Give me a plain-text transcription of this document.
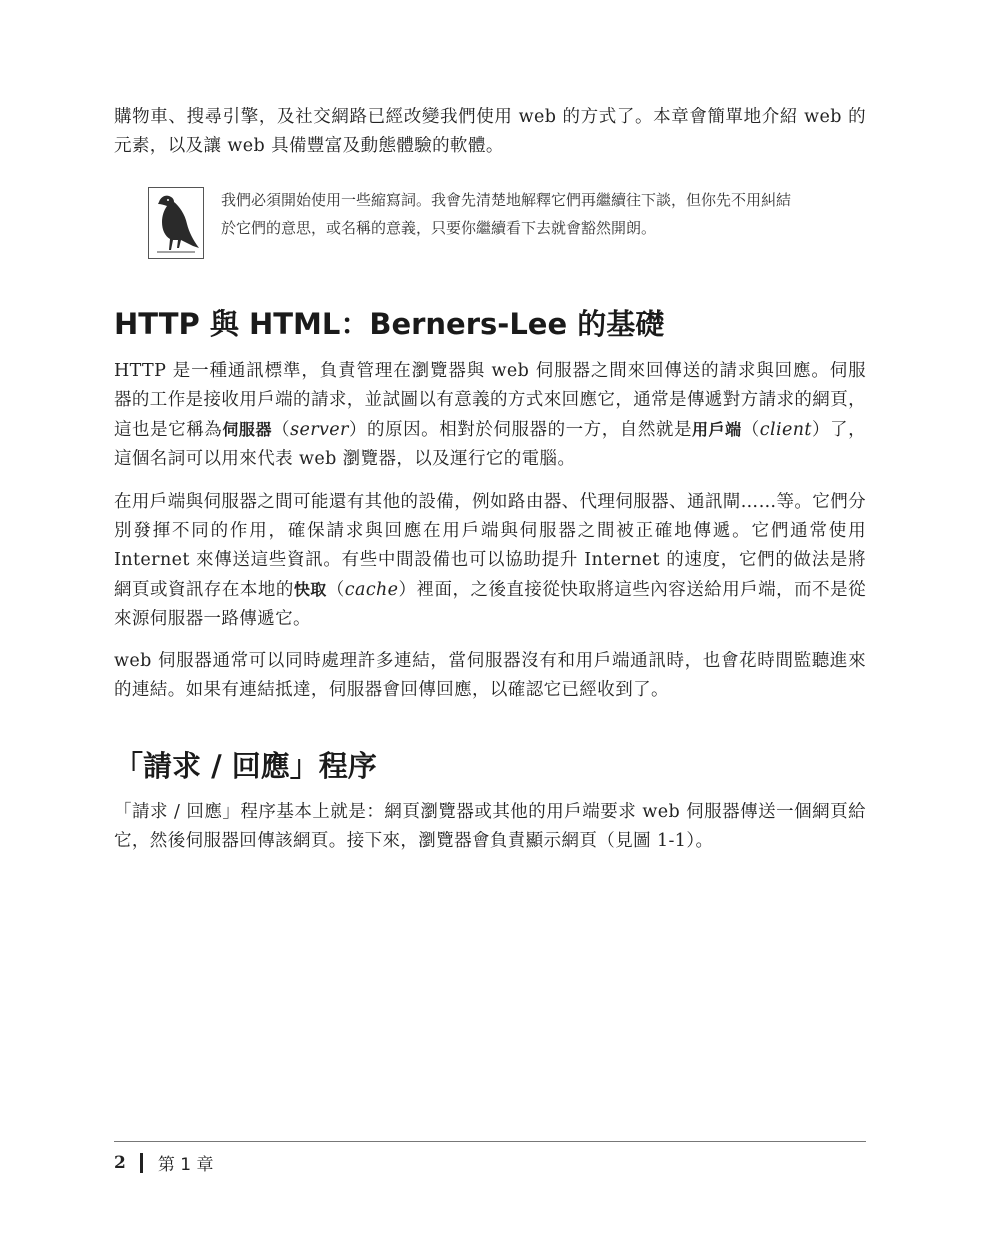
購物車、搜尋引擎，及社交網路已經改變我們使用 web 的方式了。本章會簡單地介紹 web 的元素，以及讓 web 具備豐富及動態體驗的軟體。

我們必須開始使用一些縮寫詞。我會先清楚地解釋它們再繼續往下談，但你先不用糾結於它們的意思，或名稱的意義，只要你繼續看下去就會豁然開朗。

HTTP 與 HTML：Berners-Lee 的基礎

HTTP 是一種通訊標準，負責管理在瀏覽器與 web 伺服器之間來回傳送的請求與回應。伺服器的工作是接收用戶端的請求，並試圖以有意義的方式來回應它，通常是傳遞對方請求的網頁，這也是它稱為伺服器（server）的原因。相對於伺服器的一方，自然就是用戶端（client）了，這個名詞可以用來代表 web 瀏覽器，以及運行它的電腦。

在用戶端與伺服器之間可能還有其他的設備，例如路由器、代理伺服器、通訊閘……等。它們分別發揮不同的作用，確保請求與回應在用戶端與伺服器之間被正確地傳遞。它們通常使用 Internet 來傳送這些資訊。有些中間設備也可以協助提升 Internet 的速度，它們的做法是將網頁或資訊存在本地的快取（cache）裡面，之後直接從快取將這些內容送給用戶端，而不是從來源伺服器一路傳遞它。

web 伺服器通常可以同時處理許多連結，當伺服器沒有和用戶端通訊時，也會花時間監聽進來的連結。如果有連結抵達，伺服器會回傳回應，以確認它已經收到了。

「請求 / 回應」程序

「請求 / 回應」程序基本上就是：網頁瀏覽器或其他的用戶端要求 web 伺服器傳送一個網頁給它，然後伺服器回傳該網頁。接下來，瀏覽器會負責顯示網頁（見圖 1-1）。

2 第 1 章
